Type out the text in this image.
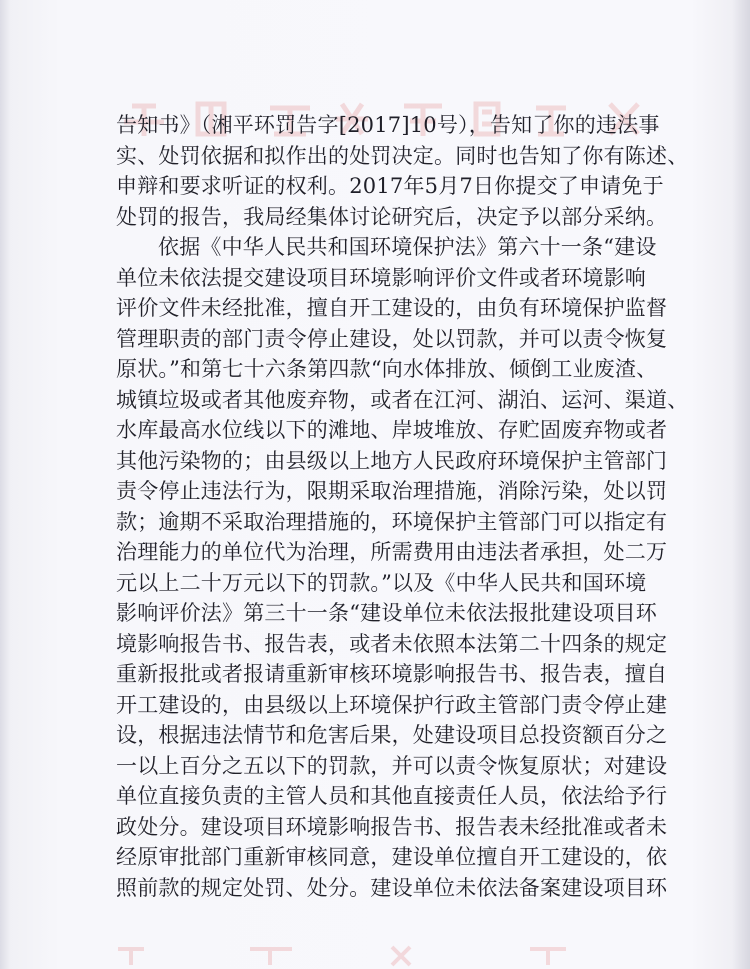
告知书》（湘平环罚告字[2017]10号），告知了你的违法事
实、处罚依据和拟作出的处罚决定。同时也告知了你有陈述、
申辩和要求听证的权利。2017年5月7日你提交了申请免于
处罚的报告，我局经集体讨论研究后，决定予以部分采纳。
依据《中华人民共和国环境保护法》第六十一条“建设
单位未依法提交建设项目环境影响评价文件或者环境影响
评价文件未经批准，擅自开工建设的，由负有环境保护监督
管理职责的部门责令停止建设，处以罚款，并可以责令恢复
原状。”和第七十六条第四款“向水体排放、倾倒工业废渣、
城镇垃圾或者其他废弃物，或者在江河、湖泊、运河、渠道、
水库最高水位线以下的滩地、岸坡堆放、存贮固废弃物或者
其他污染物的；由县级以上地方人民政府环境保护主管部门
责令停止违法行为，限期采取治理措施，消除污染，处以罚
款；逾期不采取治理措施的，环境保护主管部门可以指定有
治理能力的单位代为治理，所需费用由违法者承担，处二万
元以上二十万元以下的罚款。”以及《中华人民共和国环境
影响评价法》第三十一条“建设单位未依法报批建设项目环
境影响报告书、报告表，或者未依照本法第二十四条的规定
重新报批或者报请重新审核环境影响报告书、报告表，擅自
开工建设的，由县级以上环境保护行政主管部门责令停止建
设，根据违法情节和危害后果，处建设项目总投资额百分之
一以上百分之五以下的罚款，并可以责令恢复原状；对建设
单位直接负责的主管人员和其他直接责任人员，依法给予行
政处分。建设项目环境影响报告书、报告表未经批准或者未
经原审批部门重新审核同意，建设单位擅自开工建设的，依
照前款的规定处罚、处分。建设单位未依法备案建设项目环
